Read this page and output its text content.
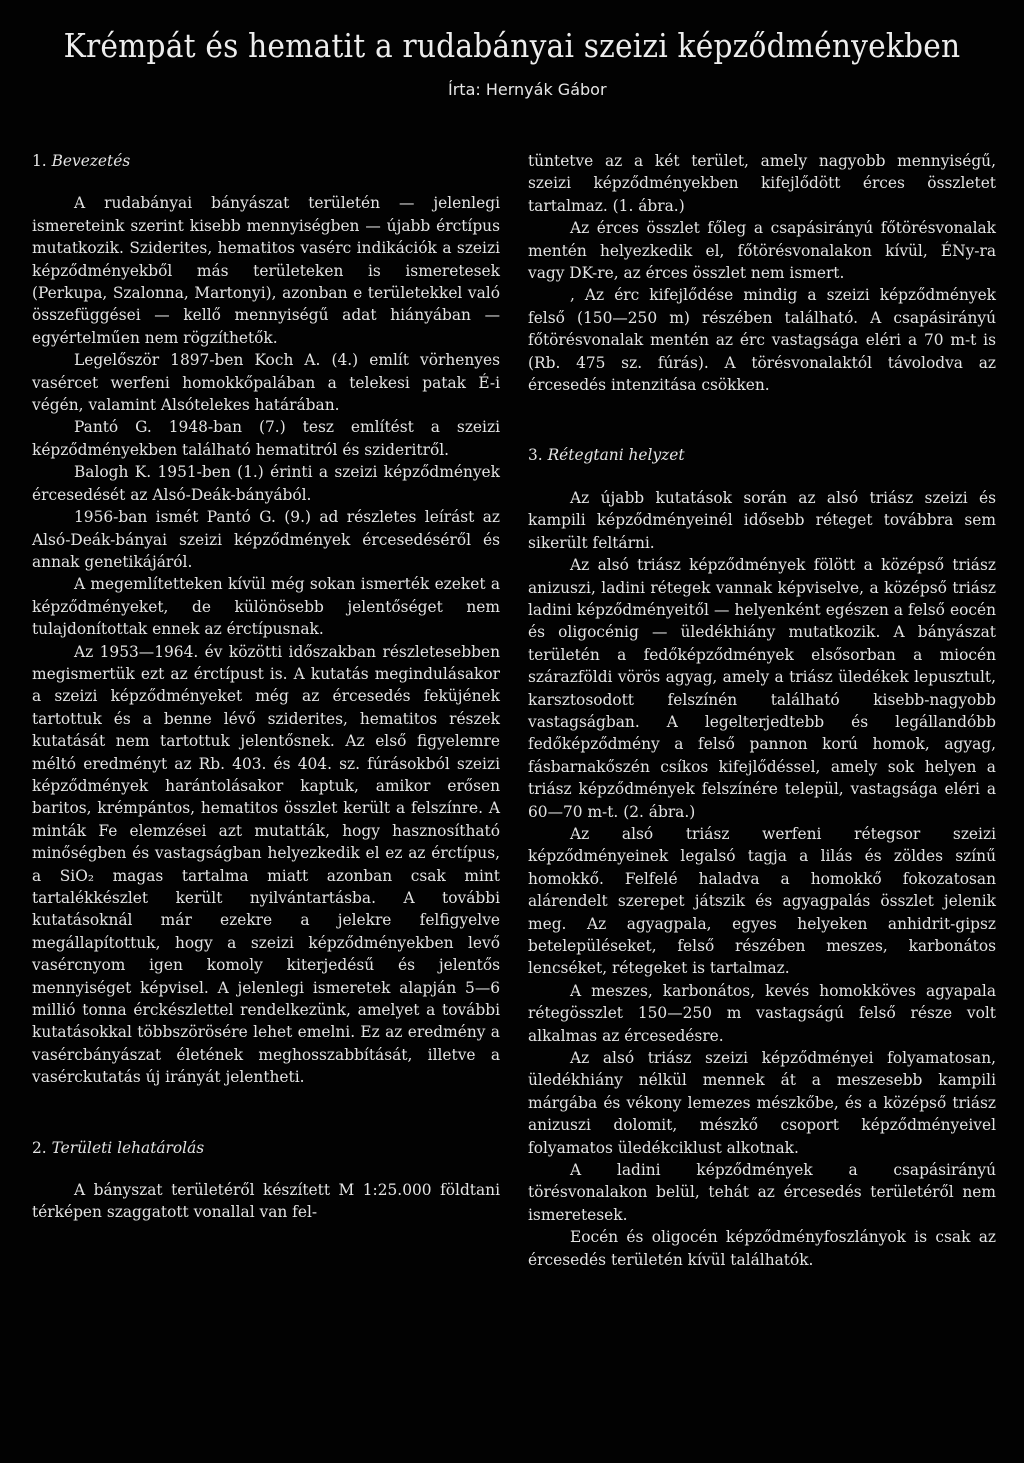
Krémpát és hematit a rudabányai szeizi képződményekben
Írta: Hernyák Gábor

1. Bevezetés

A rudabányai bányászat területén — jelenlegi ismereteink szerint kisebb mennyiségben — újabb érctípus mutatkozik. Sziderites, hematitos vasérc indikációk a szeizi képződményekből más területeken is ismeretesek (Perkupa, Szalonna, Martonyi), azonban e területekkel való összefüggései — kellő mennyiségű adat hiányában — egyértelműen nem rögzíthetők.

Legelőször 1897-ben Koch A. (4.) említ vörhenyes vasércet werfeni homokkőpalában a telekesi patak É-i végén, valamint Alsótelekes határában.

Pantó G. 1948-ban (7.) tesz említést a szeizi képződményekben található hematitról és szideritről.

Balogh K. 1951-ben (1.) érinti a szeizi képződmények ércesedését az Alsó-Deák-bányából.

1956-ban ismét Pantó G. (9.) ad részletes leírást az Alsó-Deák-bányai szeizi képződmények ércesedéséről és annak genetikájáról.

A megemlítetteken kívül még sokan ismerték ezeket a képződményeket, de különösebb jelentőséget nem tulajdonítottak ennek az érctípusnak.

Az 1953—1964. év közötti időszakban részletesebben megismertük ezt az érctípust is. A kutatás megindulásakor a szeizi képződményeket még az ércesedés feküjének tartottuk és a benne lévő sziderites, hematitos részek kutatását nem tartottuk jelentősnek. Az első figyelemre méltó eredményt az Rb. 403. és 404. sz. fúrásokból szeizi képződmények harántolásakor kaptuk, amikor erősen baritos, krémpántos, hematitos összlet került a felszínre. A minták Fe elemzései azt mutatták, hogy hasznosítható minőségben és vastagságban helyezkedik el ez az érctípus, a SiO₂ magas tartalma miatt azonban csak mint tartalékkészlet került nyilvántartásba. A további kutatásoknál már ezekre a jelekre felfigyelve megállapítottuk, hogy a szeizi képződményekben levő vasércnyom igen komoly kiterjedésű és jelentős mennyiséget képvisel. A jelenlegi ismeretek alapján 5—6 millió tonna érckészlettel rendelkezünk, amelyet a további kutatásokkal többszörösére lehet emelni. Ez az eredmény a vasércbányászat életének meghosszabbítását, illetve a vasérckutatás új irányát jelentheti.

2. Területi lehatárolás

A bányszat területéről készített M 1:25.000 földtani térképen szaggatott vonallal van fel-

tüntetve az a két terület, amely nagyobb mennyiségű, szeizi képződményekben kifejlődött érces összletet tartalmaz. (1. ábra.)

Az érces összlet főleg a csapásirányú főtörésvonalak mentén helyezkedik el, főtörésvonalakon kívül, ÉNy-ra vagy DK-re, az érces összlet nem ismert.

, Az érc kifejlődése mindig a szeizi képződmények felső (150—250 m) részében található. A csapásirányú főtörésvonalak mentén az érc vastagsága eléri a 70 m-t is (Rb. 475 sz. fúrás). A törésvonalaktól távolodva az ércesedés intenzitása csökken.

3. Rétegtani helyzet

Az újabb kutatások során az alsó triász szeizi és kampili képződményeinél idősebb réteget továbbra sem sikerült feltárni.

Az alsó triász képződmények fölött a középső triász anizuszi, ladini rétegek vannak képviselve, a középső triász ladini képződményeitől — helyenként egészen a felső eocén és oligocénig — üledékhiány mutatkozik. A bányászat területén a fedőképződmények elsősorban a miocén szárazföldi vörös agyag, amely a triász üledékek lepusztult, karsztosodott felszínén található kisebb-nagyobb vastagságban. A legelterjedtebb és legállandóbb fedőképződmény a felső pannon korú homok, agyag, fásbarnakőszén csíkos kifejlődéssel, amely sok helyen a triász képződmények felszínére települ, vastagsága eléri a 60—70 m-t. (2. ábra.)

Az alsó triász werfeni rétegsor szeizi képződményeinek legalsó tagja a lilás és zöldes színű homokkő. Felfelé haladva a homokkő fokozatosan alárendelt szerepet játszik és agyagpalás összlet jelenik meg. Az agyagpala, egyes helyeken anhidrit-gipsz betelepüléseket, felső részében meszes, karbonátos lencséket, rétegeket is tartalmaz.

A meszes, karbonátos, kevés homokköves agyapala rétegösszlet 150—250 m vastagságú felső része volt alkalmas az ércesedésre.

Az alsó triász szeizi képződményei folyamatosan, üledékhiány nélkül mennek át a meszesebb kampili márgába és vékony lemezes mészkőbe, és a középső triász anizuszi dolomit, mészkő csoport képződményeivel folyamatos üledékciklust alkotnak.

A ladini képződmények a csapásirányú törésvonalakon belül, tehát az ércesedés területéről nem ismeretesek.

Eocén és oligocén képződményfoszlányok is csak az ércesedés területén kívül találhatók.
